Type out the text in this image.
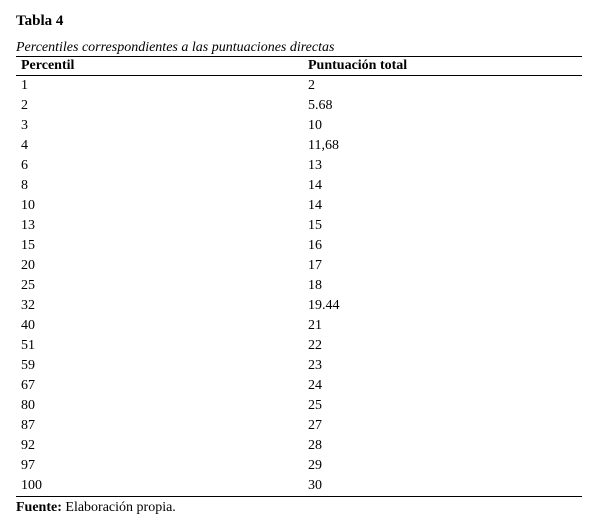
Tabla 4
Percentiles correspondientes a las puntuaciones directas
Percentil	Puntuación total
1	2
2	5.68
3	10
4	11,68
6	13
8	14
10	14
13	15
15	16
20	17
25	18
32	19.44
40	21
51	22
59	23
67	24
80	25
87	27
92	28
97	29
100	30
Fuente: Elaboración propia.
